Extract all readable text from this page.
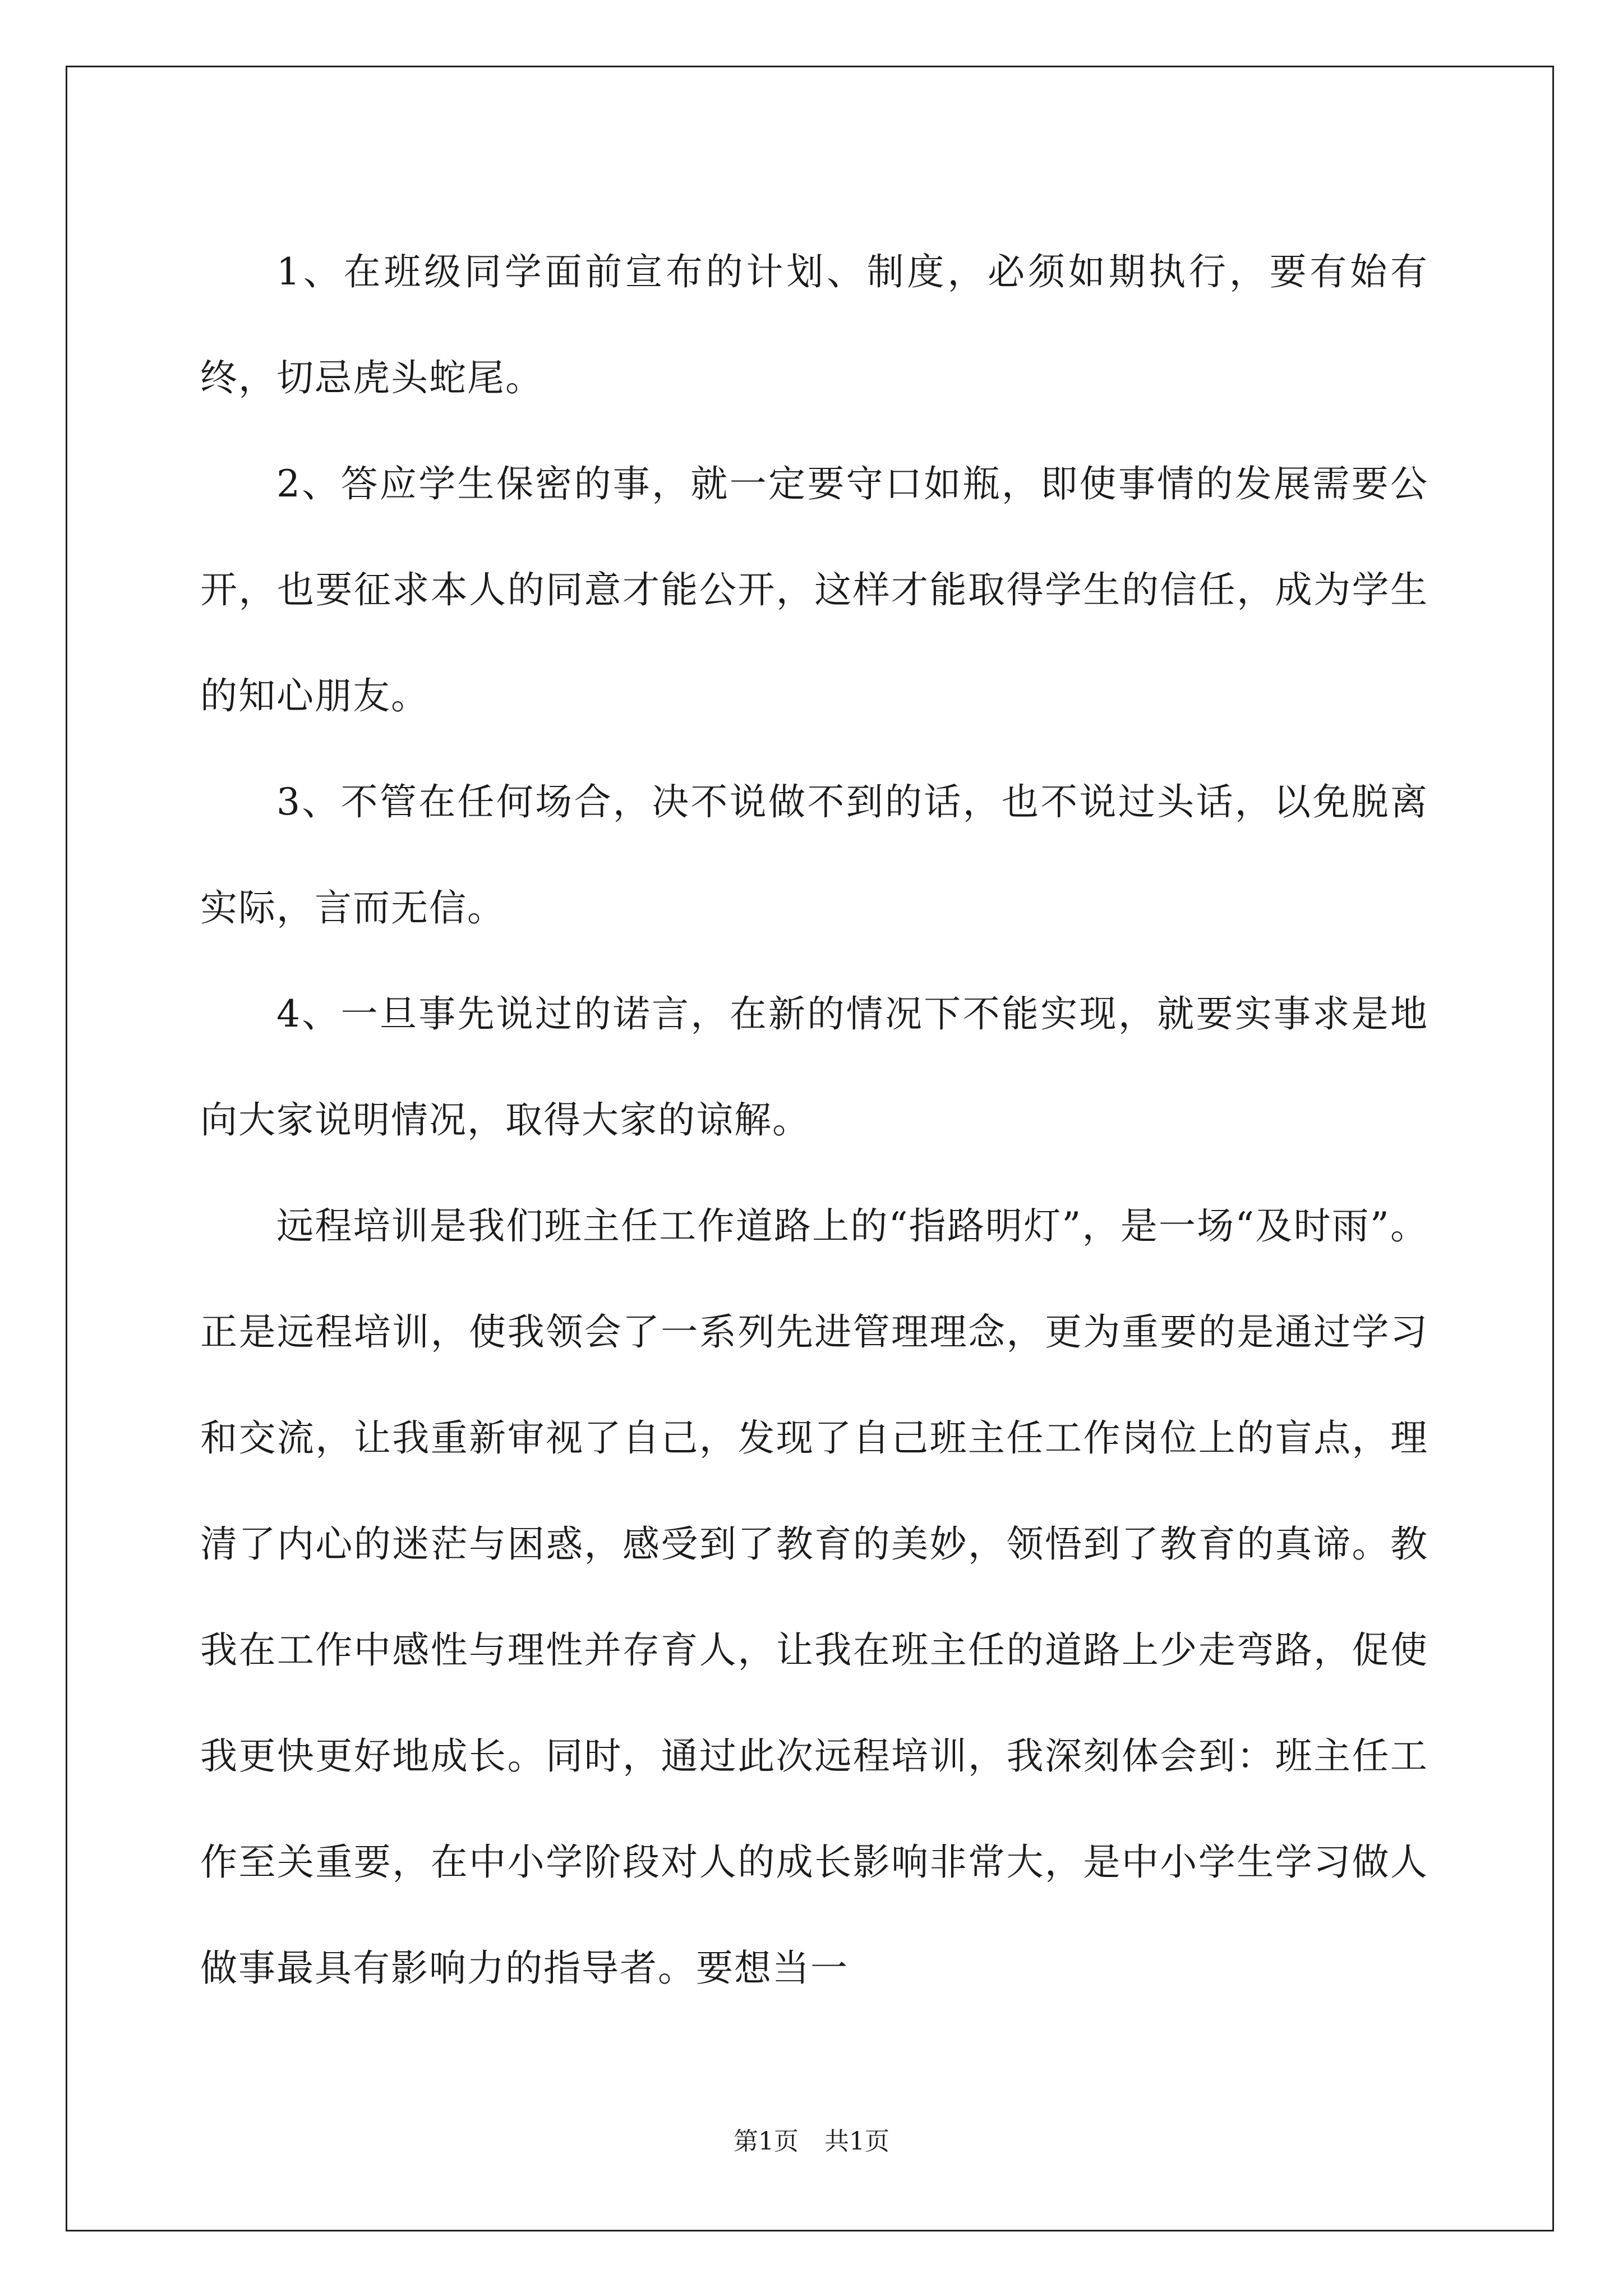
1、在班级同学面前宣布的计划、制度，必须如期执行，要有始有终，切忌虎头蛇尾。

2、答应学生保密的事，就一定要守口如瓶，即使事情的发展需要公开，也要征求本人的同意才能公开，这样才能取得学生的信任，成为学生的知心朋友。

3、不管在任何场合，决不说做不到的话，也不说过头话，以免脱离实际，言而无信。

4、一旦事先说过的诺言，在新的情况下不能实现，就要实事求是地向大家说明情况，取得大家的谅解。

远程培训是我们班主任工作道路上的“指路明灯”，是一场“及时雨”。正是远程培训，使我领会了一系列先进管理理念，更为重要的是通过学习和交流，让我重新审视了自己，发现了自己班主任工作岗位上的盲点，理清了内心的迷茫与困惑，感受到了教育的美妙，领悟到了教育的真谛。教我在工作中感性与理性并存育人，让我在班主任的道路上少走弯路，促使我更快更好地成长。同时，通过此次远程培训，我深刻体会到：班主任工作至关重要，在中小学阶段对人的成长影响非常大，是中小学生学习做人做事最具有影响力的指导者。要想当一

第1页 共1页
